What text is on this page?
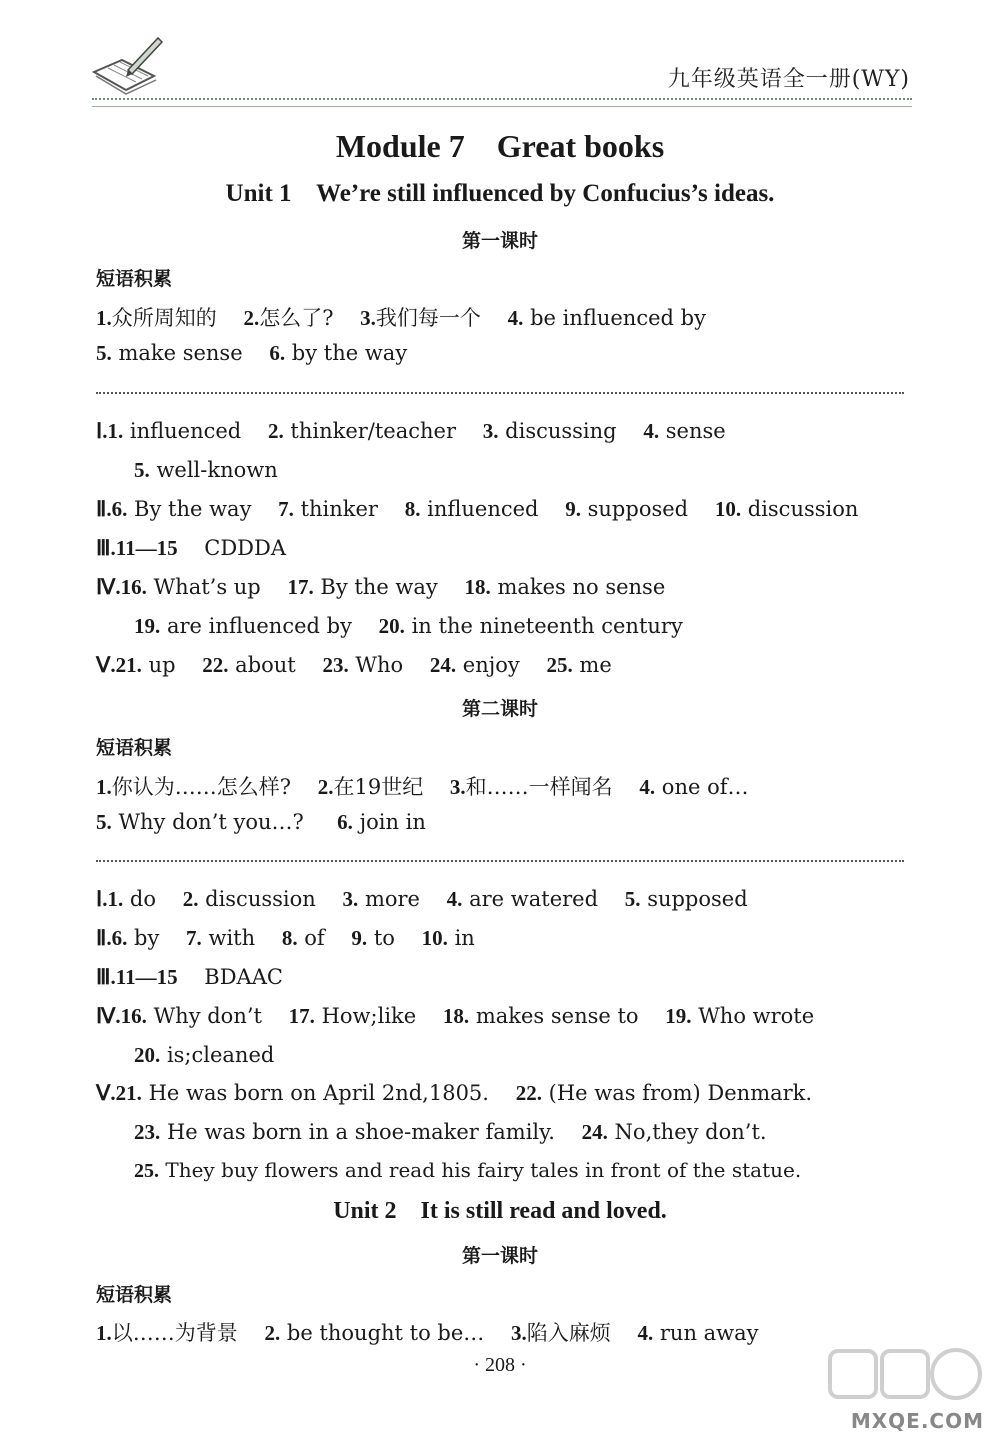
九年级英语全一册(WY)
Module 7    Great books
Unit 1    We’re still influenced by Confucius’s ideas.
第一课时
短语积累
1.众所周知的 2.怎么了? 3.我们每一个 4. be influenced by
5. make sense 6. by the way
Ⅰ.1. influenced 2. thinker/teacher 3. discussing 4. sense
5. well-known
Ⅱ.6. By the way 7. thinker 8. influenced 9. supposed 10. discussion
Ⅲ.11—15 CDDDA
Ⅳ.16. What’s up 17. By the way 18. makes no sense
19. are influenced by 20. in the nineteenth century
Ⅴ.21. up 22. about 23. Who 24. enjoy 25. me
第二课时
短语积累
1.你认为……怎么样? 2.在19世纪 3.和……一样闻名 4. one of…
5. Why don’t you…? 6. join in
Ⅰ.1. do 2. discussion 3. more 4. are watered 5. supposed
Ⅱ.6. by 7. with 8. of 9. to 10. in
Ⅲ.11—15 BDAAC
Ⅳ.16. Why don’t 17. How;like 18. makes sense to 19. Who wrote
20. is;cleaned
Ⅴ.21. He was born on April 2nd,1805. 22. (He was from) Denmark.
23. He was born in a shoe-maker family. 24. No,they don’t.
25. They buy flowers and read his fairy tales in front of the statue.
Unit 2    It is still read and loved.
第一课时
短语积累
1.以……为背景 2. be thought to be… 3.陷入麻烦 4. run away
· 208 ·
MXQE.COM
